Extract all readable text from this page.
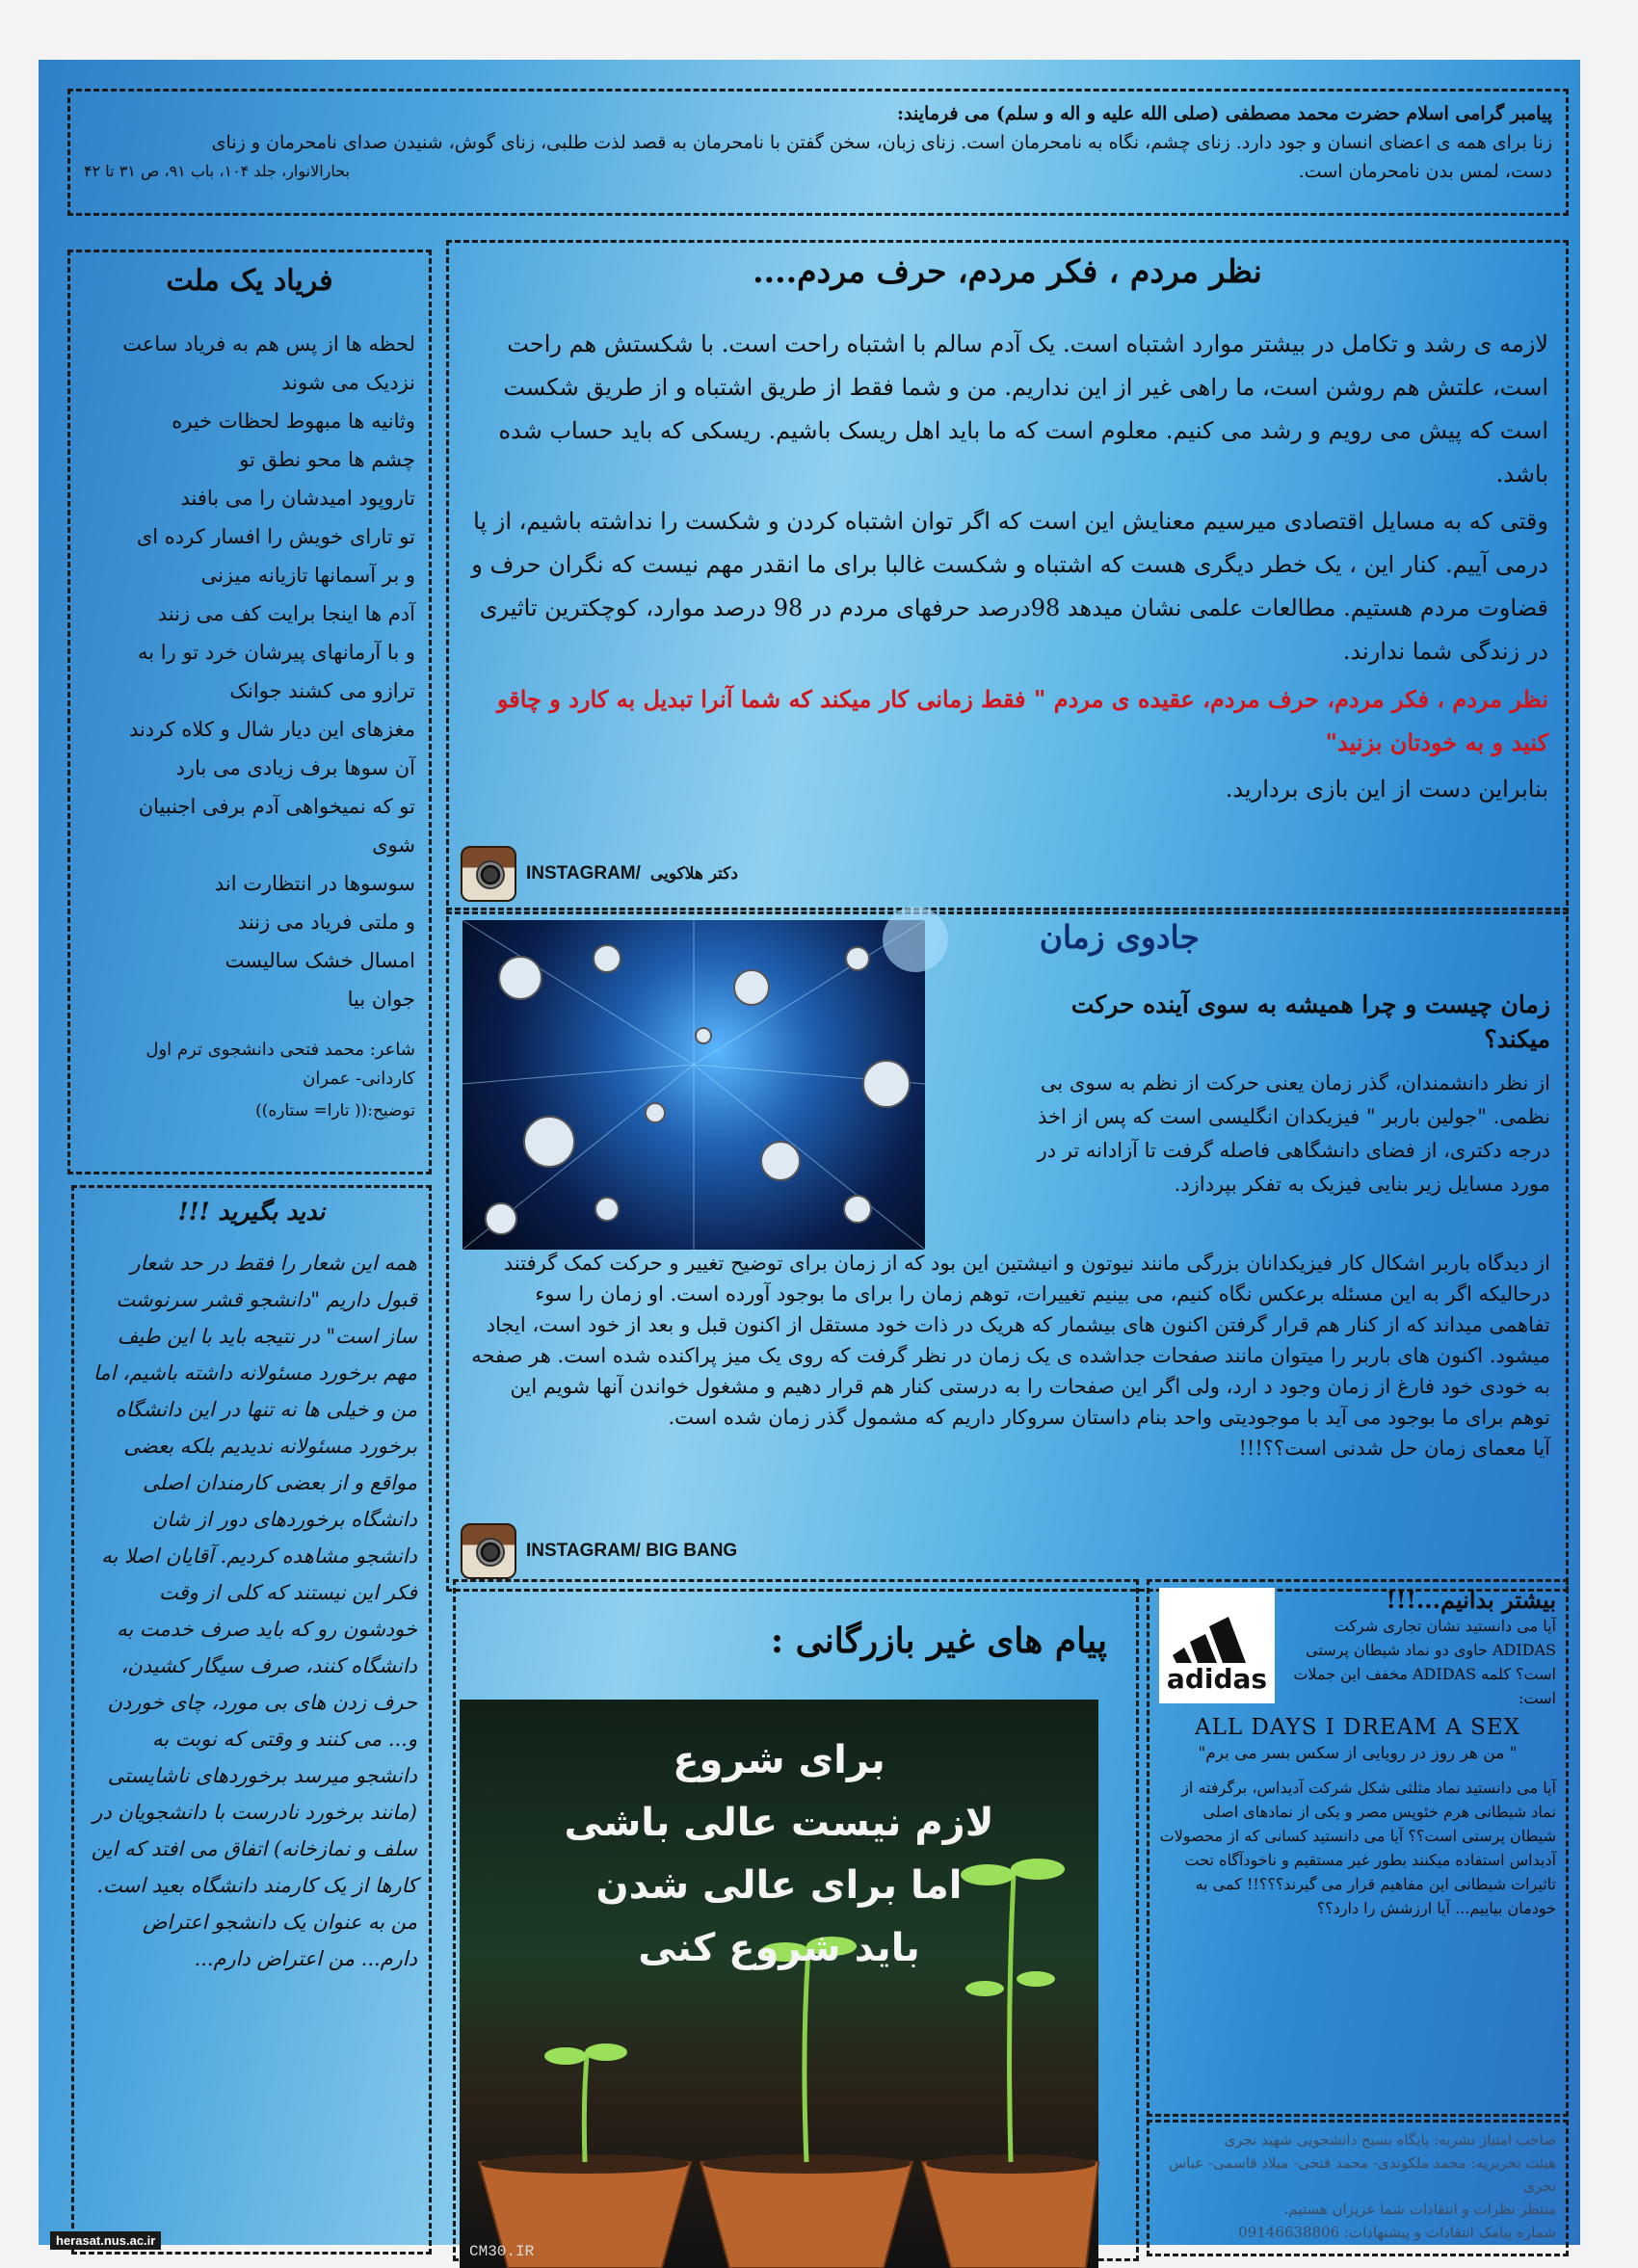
پیامبر گرامی اسلام حضرت محمد مصطفی (صلی الله علیه و اله و سلم) می فرمایند:

زنا برای همه ی اعضای انسان و جود دارد. زنای چشم، نگاه به نامحرمان است. زنای زبان، سخن گفتن با نامحرمان به قصد لذت طلبی، زنای گوش، شنیدن صدای نامحرمان و زنای

دست، لمس بدن نامحرمان است.

بحارالانوار، جلد ۱۰۴، باب ۹۱، ص ۳۱ تا ۴۲

فریاد یک ملت

لحظه ها از پس هم به فریاد ساعت

نزدیک می شوند

وثانیه ها مبهوط لحظات خیره

چشم ها محو نطق تو

تاروپود امیدشان را می بافند

تو تارای خویش را افسار کرده ای

و بر آسمانها تازیانه میزنی

آدم ها اینجا برایت کف می زنند

و با آرمانهای پیرشان خرد تو را به

ترازو می کشند جوانک

مغزهای این دیار شال و کلاه کردند

آن سوها برف زیادی می بارد

تو که نمیخواهی آدم برفی اجنبیان

شوی

سوسوها در انتظارت اند

و ملتی فریاد می زنند

امسال خشک سالیست

جوان بیا

شاعر: محمد فتحی دانشجوی ترم اول کاردانی- عمران

توضیح:(( تارا= ستاره))

نظر مردم ، فکر مردم، حرف مردم....

لازمه ی رشد و تکامل در بیشتر موارد اشتباه است. یک آدم سالم با اشتباه راحت است. با شکستش هم راحت است، علتش هم روشن است، ما راهی غیر از این نداریم. من و شما فقط از طریق اشتباه و از طریق شکست است که پیش می رویم و رشد می کنیم. معلوم است که ما باید اهل ریسک باشیم. ریسکی که باید حساب شده باشد.

وقتی که به مسایل اقتصادی میرسیم معنایش این است که اگر توان اشتباه کردن و شکست را نداشته باشیم، از پا درمی آییم. کنار این ، یک خطر دیگری هست که اشتباه و شکست غالبا برای ما انقدر مهم نیست که نگران حرف و قضاوت مردم هستیم. مطالعات علمی نشان میدهد 98درصد حرفهای مردم در 98 درصد موارد، کوچکترین تاثیری در زندگی شما ندارند.

نظر مردم ، فکر مردم، حرف مردم، عقیده ی مردم " فقط زمانی کار میکند که شما آنرا تبدیل به کارد و چاقو کنید و به خودتان بزنید"

بنابراین دست از این بازی بردارید.

INSTAGRAM/ دکتر هلاکویی
جادوی زمان

زمان چیست و چرا همیشه به سوی آینده حرکت میکند؟

از نظر دانشمندان، گذر زمان یعنی حرکت از نظم به سوی بی نظمی. "جولین باربر " فیزیکدان انگلیسی است که پس از اخذ درجه دکتری، از فضای دانشگاهی فاصله گرفت تا آزادانه تر در مورد مسایل زیر بنایی فیزیک به تفکر بپردازد.

از دیدگاه باربر اشکال کار فیزیکدانان بزرگی مانند نیوتون و انیشتین این بود که از زمان برای توضیح تغییر و حرکت کمک گرفتند درحالیکه اگر به این مسئله برعکس نگاه کنیم، می بینیم تغییرات، توهم زمان را برای ما بوجود آورده است. او زمان را سوء تفاهمی میداند که از کنار هم قرار گرفتن اکنون های بیشمار که هریک در ذات خود مستقل از اکنون قبل و بعد از خود است، ایجاد میشود. اکنون های باربر را میتوان مانند صفحات جداشده ی یک زمان در نظر گرفت که روی یک میز پراکنده شده است. هر صفحه به خودی خود فارغ از زمان وجود د ارد، ولی اگر این صفحات را به درستی کنار هم قرار دهیم و مشغول خواندن آنها شویم این توهم برای ما بوجود می آید با موجودیتی واحد بنام داستان سروکار داریم که مشمول گذر زمان شده است.
آیا معمای زمان حل شدنی است؟؟!!!

INSTAGRAM/ BIG BANG
ندید بگیرید !!!

همه این شعار را فقط در حد شعار قبول داریم "دانشجو قشر سرنوشت ساز است" در نتیجه باید با این طیف مهم برخورد مسئولانه داشته باشیم، اما من و خیلی ها نه تنها در این دانشگاه برخورد مسئولانه ندیدیم بلکه بعضی مواقع و از بعضی کارمندان اصلی دانشگاه برخوردهای دور از شان دانشجو مشاهده کردیم. آقایان اصلا به فکر این نیستند که کلی از وقت خودشون رو که باید صرف خدمت به دانشگاه کنند، صرف سیگار کشیدن، حرف زدن های بی مورد، چای خوردن و... می کنند و وقتی که نوبت به دانشجو میرسد برخوردهای ناشایستی (مانند برخورد نادرست با دانشجویان در سلف و نمازخانه) اتفاق می افتد که این کارها از یک کارمند دانشگاه بعید است. من به عنوان یک دانشجو اعتراض دارم... من اعتراض دارم...

پیام های غیر بازرگانی :
برای شروع
لازم نیست عالی باشی
اما برای عالی شدن
باید شروع کنی
CM30.IR
adidas
بیشتر بدانیم...!!!

آیا می دانستید نشان تجاری شرکت ADIDAS حاوی دو نماد شیطان پرستی است؟ کلمه ADIDAS مخفف این جملات است:

ALL DAYS I DREAM A SEX

" من هر روز در رویایی از سکس بسر می برم"

آیا می دانستید نماد مثلثی شکل شرکت آدیداس، برگرفته از نماد شیطانی هرم خئوپس مصر و یکی از نمادهای اصلی شیطان پرستی است؟؟ آیا می دانستید کسانی که از محصولات آدیداس استفاده میکنند بطور غیر مستقیم و ناخودآگاه تحت تاثیرات شیطانی این مفاهیم قرار می گیرند؟؟؟!! کمی به خودمان بیاییم... آیا ارزشش را دارد؟؟

صاحب امتیاز نشریه: پایگاه بسیج دانشجویی شهید نجری

هیئت تحریریه: محمد ملکوندی- محمد فتحی- میلاد قاسمی- عباس نجری

منتظر نظرات و انتقادات شما عزیزان هستیم.

شماره پیامک انتقادات و پیشنهادات: 09146638806

herasat.nus.ac.ir
